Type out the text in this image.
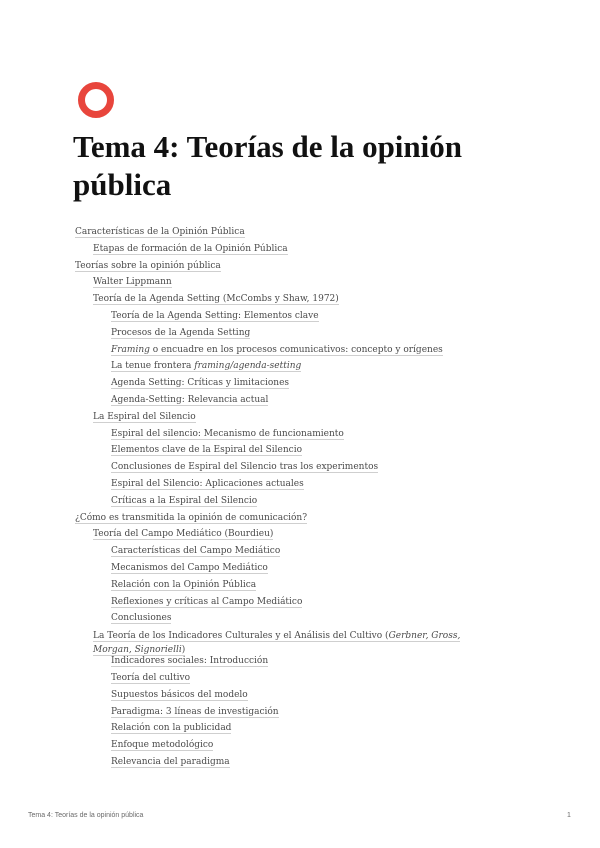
Tema 4: Teorías de la opinión pública
Características de la Opinión Pública
Etapas de formación de la Opinión Pública
Teorías sobre la opinión pública
Walter Lippmann
Teoría de la Agenda Setting (McCombs y Shaw, 1972)
Teoría de la Agenda Setting: Elementos clave
Procesos de la Agenda Setting
Framing o encuadre en los procesos comunicativos: concepto y orígenes
La tenue frontera framing/agenda-setting
Agenda Setting: Críticas y limitaciones
Agenda-Setting: Relevancia actual
La Espiral del Silencio
Espiral del silencio: Mecanismo de funcionamiento
Elementos clave de la Espiral del Silencio
Conclusiones de Espiral del Silencio tras los experimentos
Espiral del Silencio: Aplicaciones actuales
Críticas a la Espiral del Silencio
¿Cómo es transmitida la opinión de comunicación?
Teoría del Campo Mediático (Bourdieu)
Características del Campo Mediático
Mecanismos del Campo Mediático
Relación con la Opinión Pública
Reflexiones y críticas al Campo Mediático
Conclusiones
La Teoría de los Indicadores Culturales y el Análisis del Cultivo (Gerbner, Gross, Morgan, Signorielli)
Indicadores sociales: Introducción
Teoría del cultivo
Supuestos básicos del modelo
Paradigma: 3 líneas de investigación
Relación con la publicidad
Enfoque metodológico
Relevancia del paradigma
Tema 4: Teorías de la opinión pública	1
